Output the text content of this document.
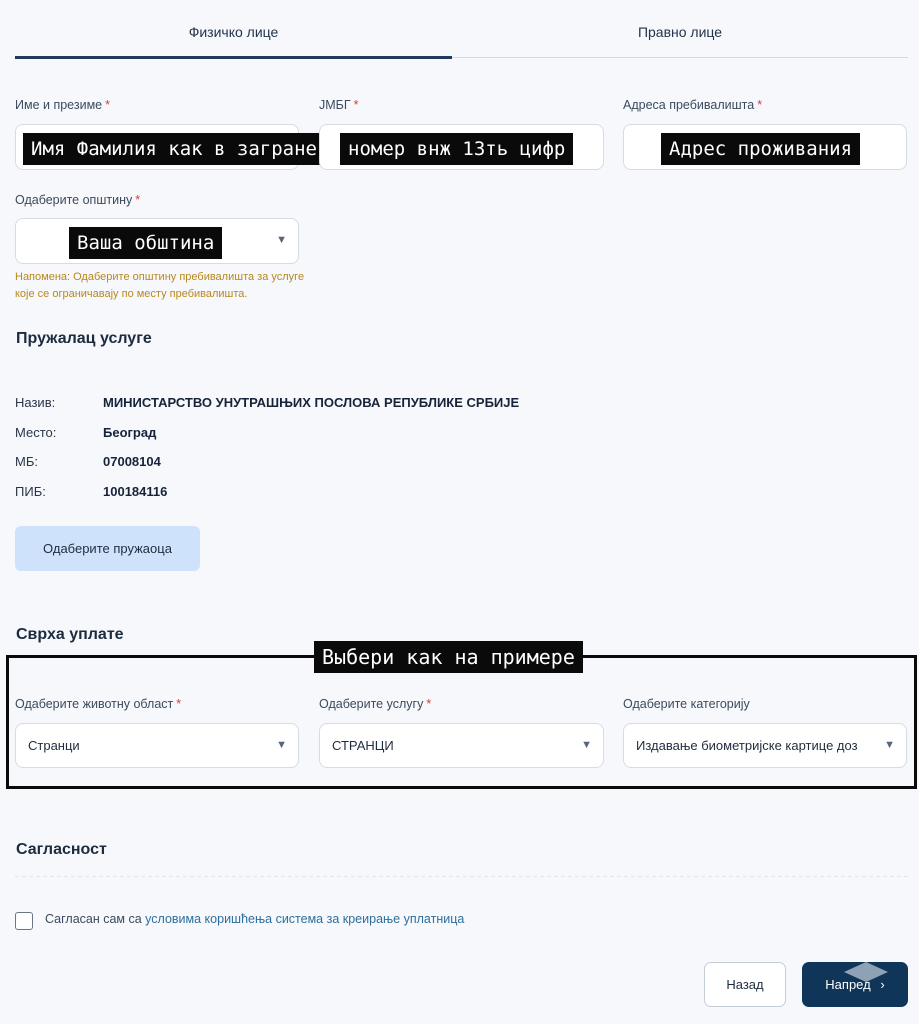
Физичко лице	Правно лице
Име и презиме *	ЈМБГ *	Адреса пребивалишта *
Имя Фамилия как в загране	номер внж 13ть цифр	Адрес проживания
Одаберите општину *
Ваша обштина	▼
Напомена: Одаберите општину пребивалишта за услуге које се ограничавају по месту пребивалишта.
Пружалац услуге
Назив:	МИНИСТАРСТВО УНУТРАШЊИХ ПОСЛОВА РЕПУБЛИКЕ СРБИЈЕ
Место:	Београд
МБ:	07008104
ПИБ:	100184116
Одаберите пружаоца
Сврха уплате
Выбери как на примере
Одаберите животну област *	Одаберите услугу *	Одаберите категорију
Странци	▼	СТРАНЦИ	▼	Издавање биометријске картице доз	▼
Сагласност
Сагласан сам са условима коришћења система за креирање уплатница
Назад	Напред ›
